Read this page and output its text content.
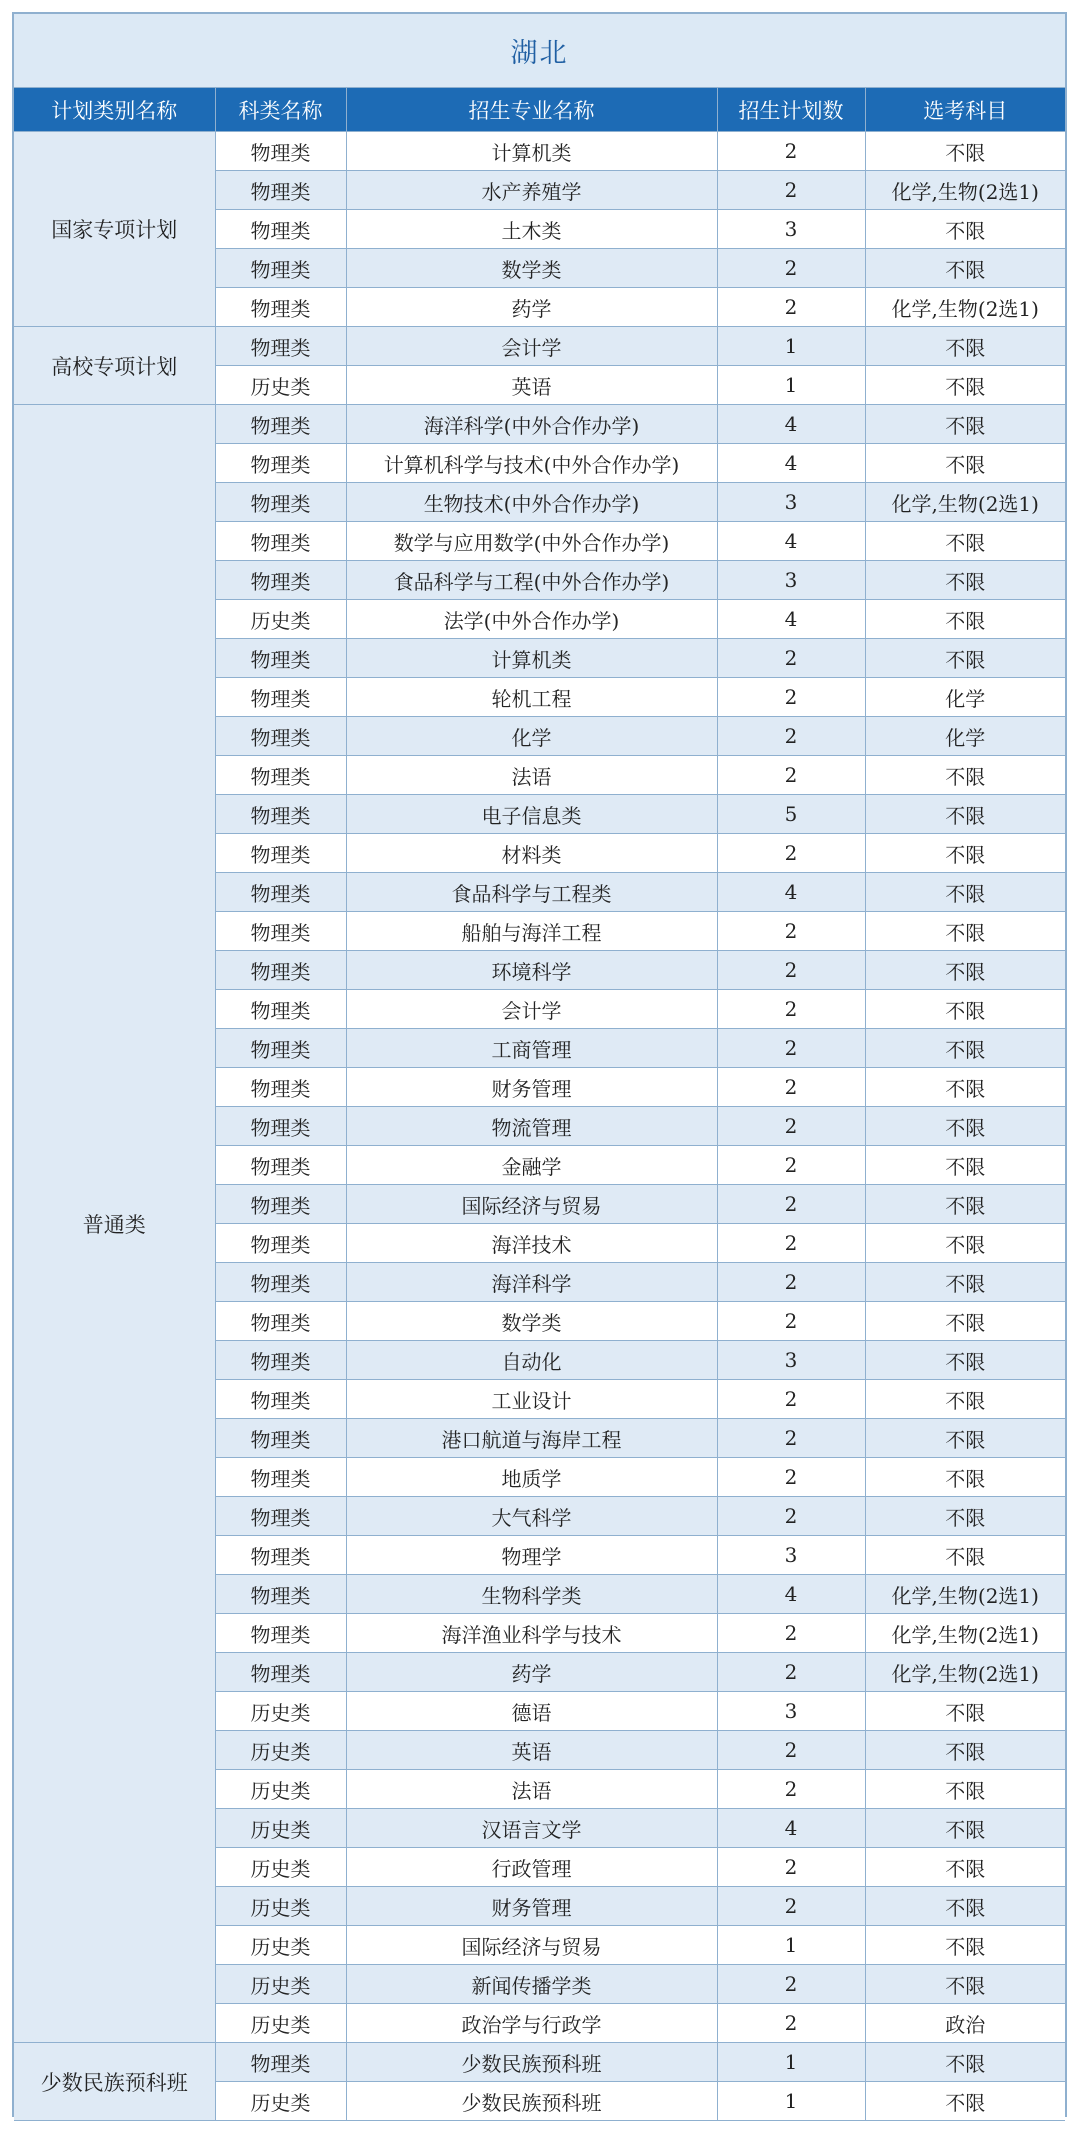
湖北
计划类别名称	科类名称	招生专业名称	招生计划数	选考科目
国家专项计划	物理类	计算机类	2	不限
	物理类	水产养殖学	2	化学,生物(2选1)
	物理类	土木类	3	不限
	物理类	数学类	2	不限
	物理类	药学	2	化学,生物(2选1)
高校专项计划	物理类	会计学	1	不限
	历史类	英语	1	不限
普通类	物理类	海洋科学(中外合作办学)	4	不限
	物理类	计算机科学与技术(中外合作办学)	4	不限
	物理类	生物技术(中外合作办学)	3	化学,生物(2选1)
	物理类	数学与应用数学(中外合作办学)	4	不限
	物理类	食品科学与工程(中外合作办学)	3	不限
	历史类	法学(中外合作办学)	4	不限
	物理类	计算机类	2	不限
	物理类	轮机工程	2	化学
	物理类	化学	2	化学
	物理类	法语	2	不限
	物理类	电子信息类	5	不限
	物理类	材料类	2	不限
	物理类	食品科学与工程类	4	不限
	物理类	船舶与海洋工程	2	不限
	物理类	环境科学	2	不限
	物理类	会计学	2	不限
	物理类	工商管理	2	不限
	物理类	财务管理	2	不限
	物理类	物流管理	2	不限
	物理类	金融学	2	不限
	物理类	国际经济与贸易	2	不限
	物理类	海洋技术	2	不限
	物理类	海洋科学	2	不限
	物理类	数学类	2	不限
	物理类	自动化	3	不限
	物理类	工业设计	2	不限
	物理类	港口航道与海岸工程	2	不限
	物理类	地质学	2	不限
	物理类	大气科学	2	不限
	物理类	物理学	3	不限
	物理类	生物科学类	4	化学,生物(2选1)
	物理类	海洋渔业科学与技术	2	化学,生物(2选1)
	物理类	药学	2	化学,生物(2选1)
	历史类	德语	3	不限
	历史类	英语	2	不限
	历史类	法语	2	不限
	历史类	汉语言文学	4	不限
	历史类	行政管理	2	不限
	历史类	财务管理	2	不限
	历史类	国际经济与贸易	1	不限
	历史类	新闻传播学类	2	不限
	历史类	政治学与行政学	2	政治
少数民族预科班	物理类	少数民族预科班	1	不限
	历史类	少数民族预科班	1	不限
